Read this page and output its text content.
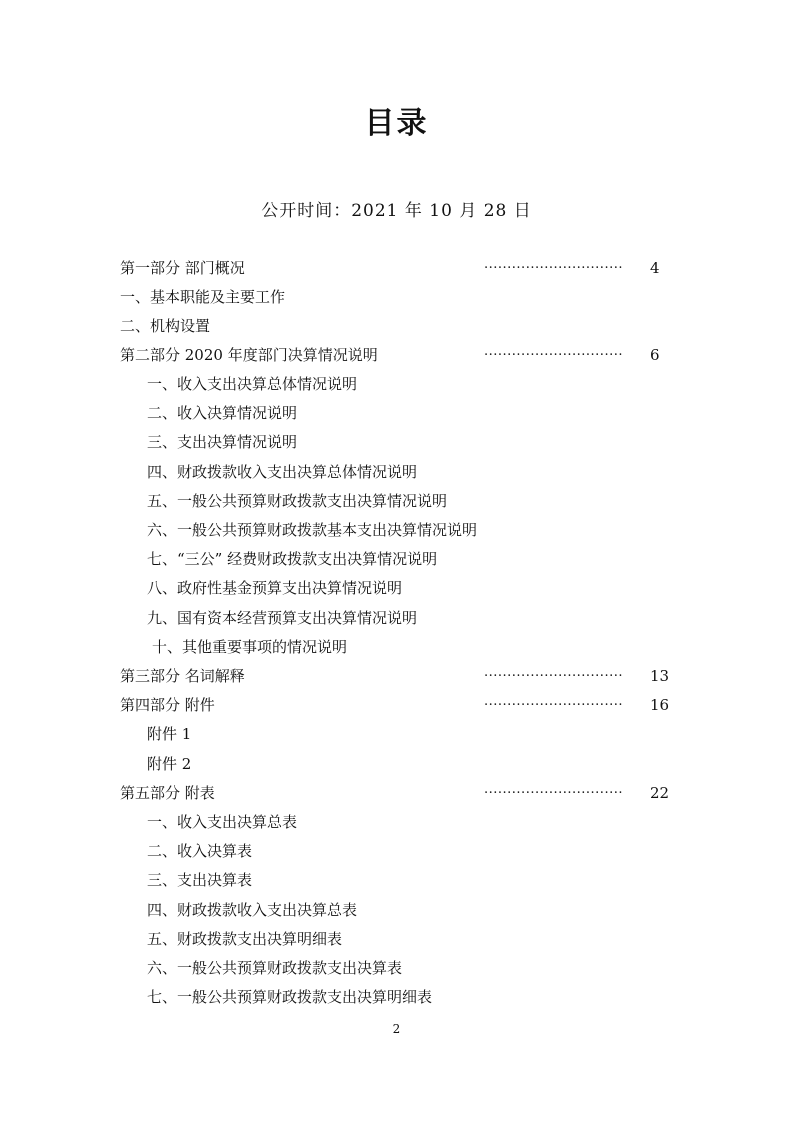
目录
公开时间：2021 年 10 月 28 日
第一部分 部门概况	..............................	4
一、基本职能及主要工作
二、机构设置
第二部分 2020 年度部门决算情况说明	..............................	6
一、收入支出决算总体情况说明
二、收入决算情况说明
三、支出决算情况说明
四、财政拨款收入支出决算总体情况说明
五、一般公共预算财政拨款支出决算情况说明
六、一般公共预算财政拨款基本支出决算情况说明
七、“三公” 经费财政拨款支出决算情况说明
八、政府性基金预算支出决算情况说明
九、国有资本经营预算支出决算情况说明
十、其他重要事项的情况说明
第三部分 名词解释	..............................	13
第四部分 附件	..............................	16
附件 1
附件 2
第五部分 附表	..............................	22
一、收入支出决算总表
二、收入决算表
三、支出决算表
四、财政拨款收入支出决算总表
五、财政拨款支出决算明细表
六、一般公共预算财政拨款支出决算表
七、一般公共预算财政拨款支出决算明细表
2
